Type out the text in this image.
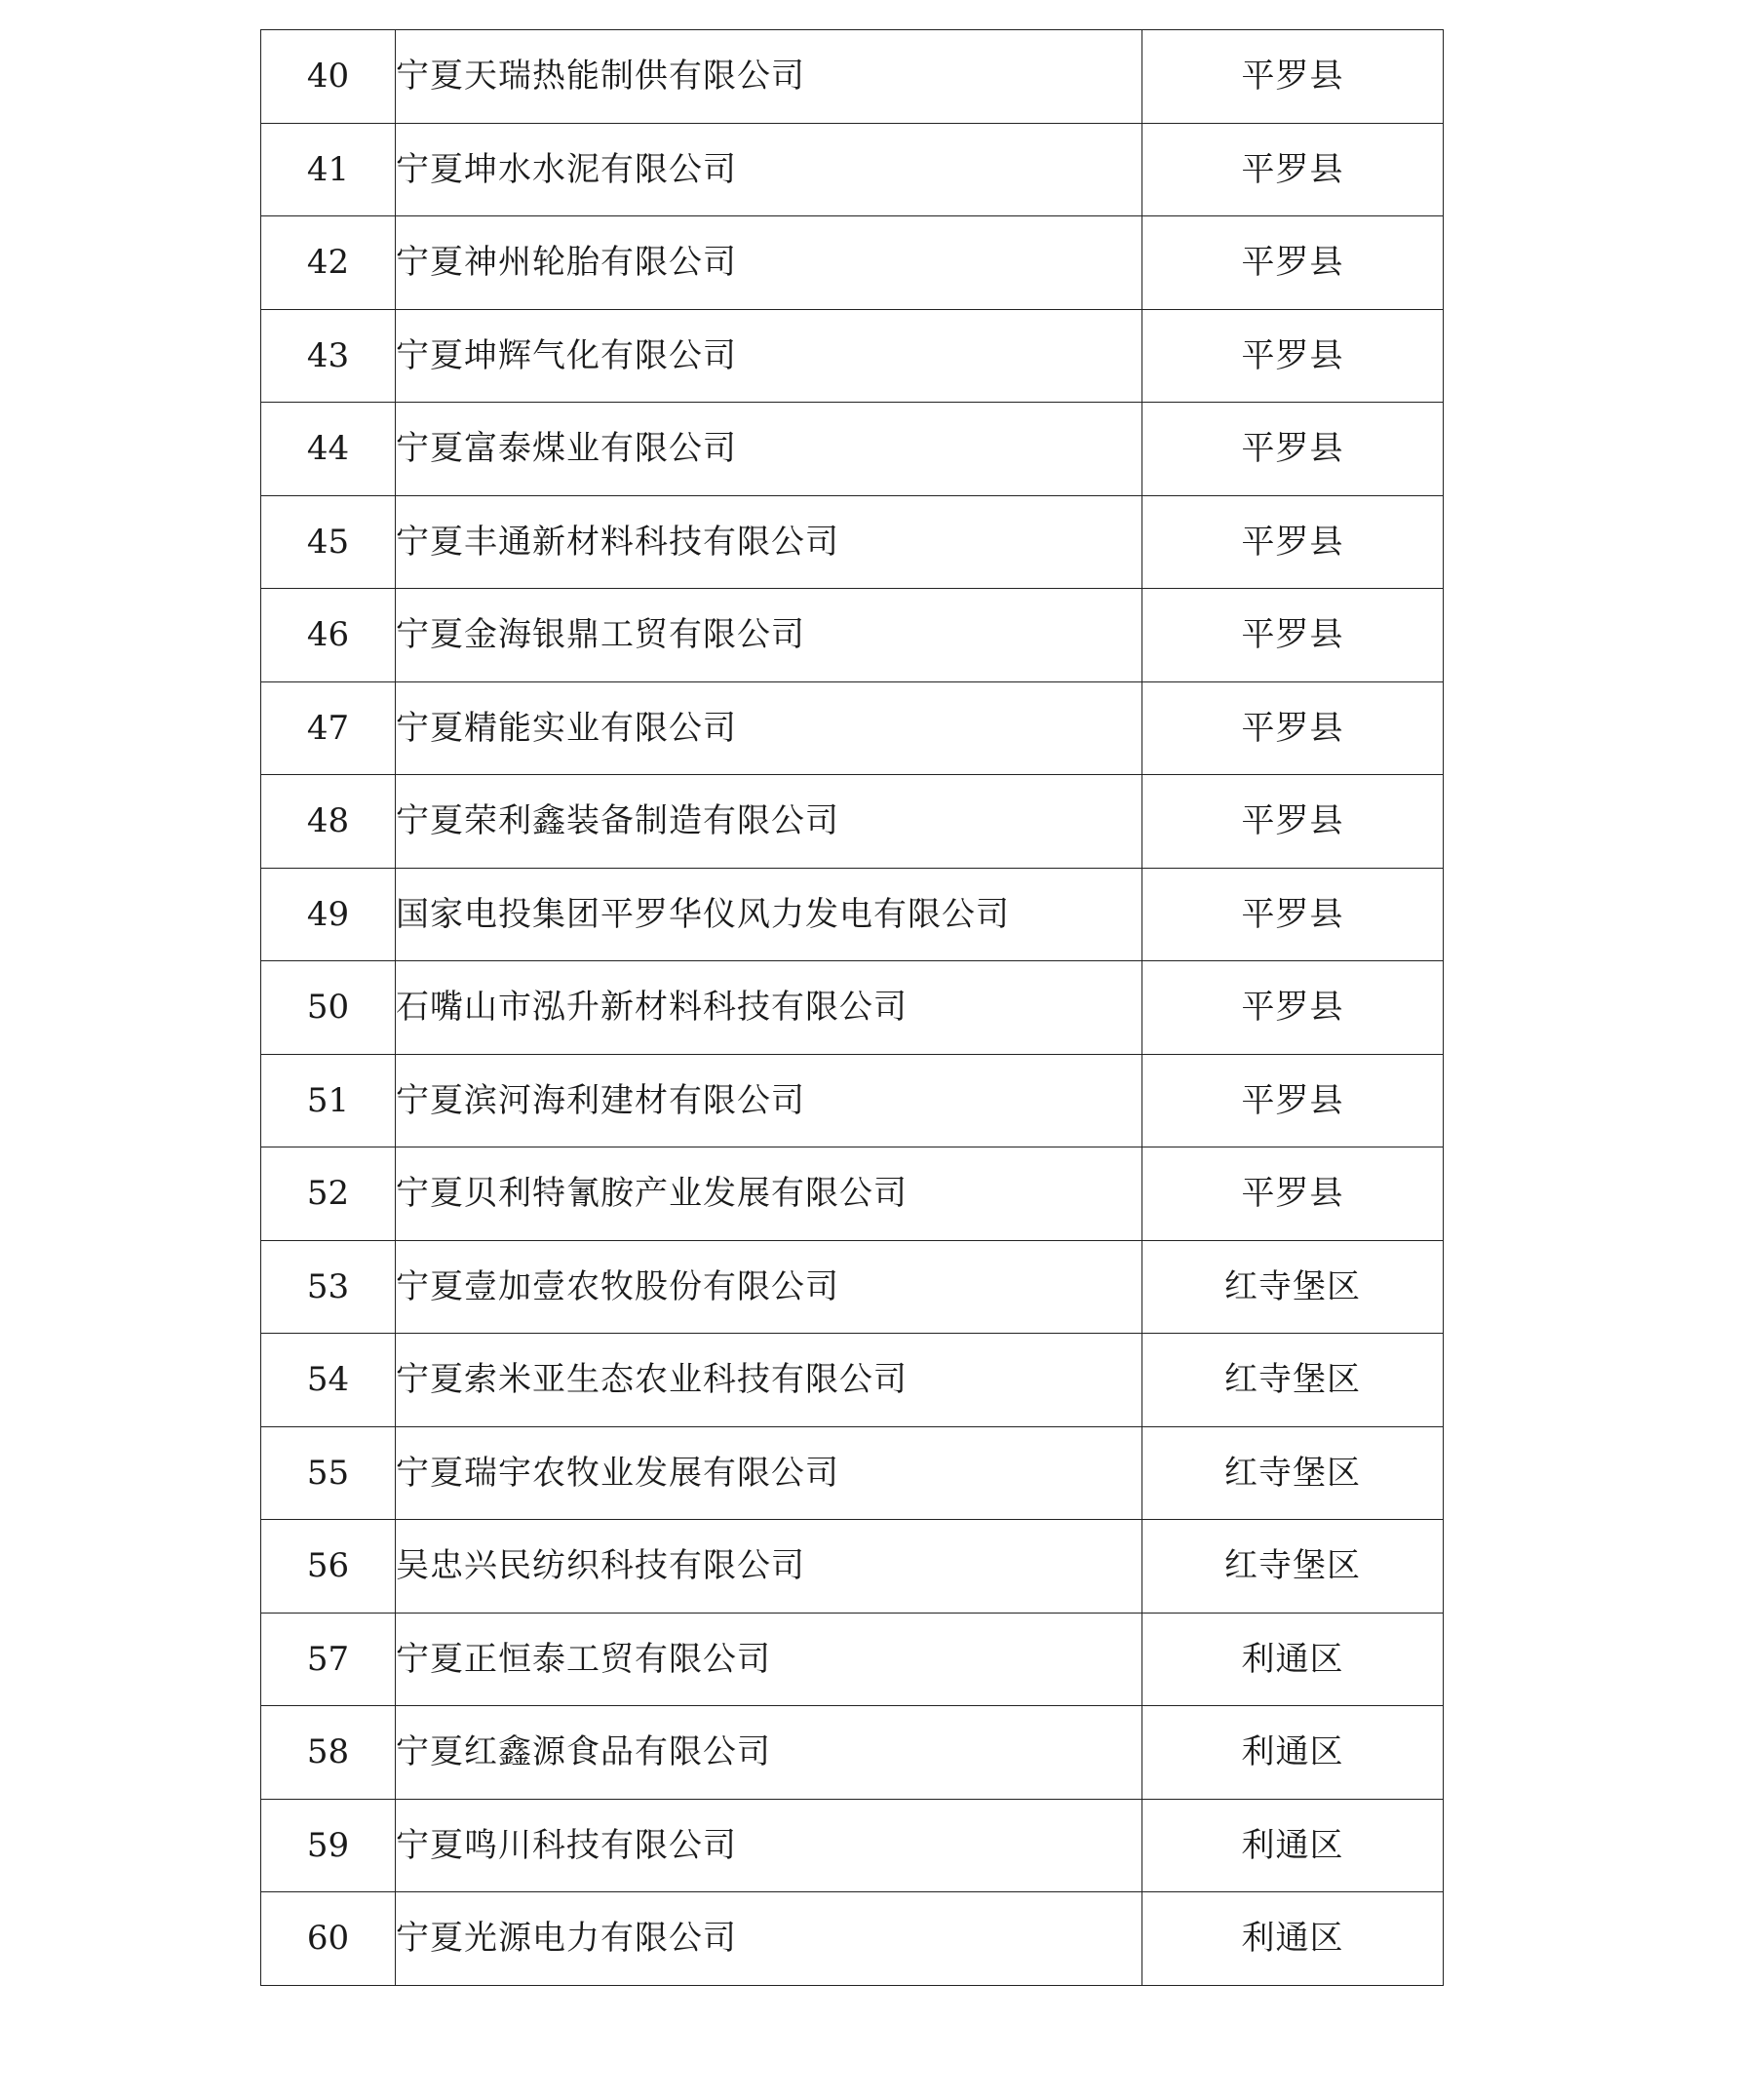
40	宁夏天瑞热能制供有限公司	平罗县
41	宁夏坤水水泥有限公司	平罗县
42	宁夏神州轮胎有限公司	平罗县
43	宁夏坤辉气化有限公司	平罗县
44	宁夏富泰煤业有限公司	平罗县
45	宁夏丰通新材料科技有限公司	平罗县
46	宁夏金海银鼎工贸有限公司	平罗县
47	宁夏精能实业有限公司	平罗县
48	宁夏荣利鑫装备制造有限公司	平罗县
49	国家电投集团平罗华仪风力发电有限公司	平罗县
50	石嘴山市泓升新材料科技有限公司	平罗县
51	宁夏滨河海利建材有限公司	平罗县
52	宁夏贝利特氰胺产业发展有限公司	平罗县
53	宁夏壹加壹农牧股份有限公司	红寺堡区
54	宁夏索米亚生态农业科技有限公司	红寺堡区
55	宁夏瑞宇农牧业发展有限公司	红寺堡区
56	吴忠兴民纺织科技有限公司	红寺堡区
57	宁夏正恒泰工贸有限公司	利通区
58	宁夏红鑫源食品有限公司	利通区
59	宁夏鸣川科技有限公司	利通区
60	宁夏光源电力有限公司	利通区
